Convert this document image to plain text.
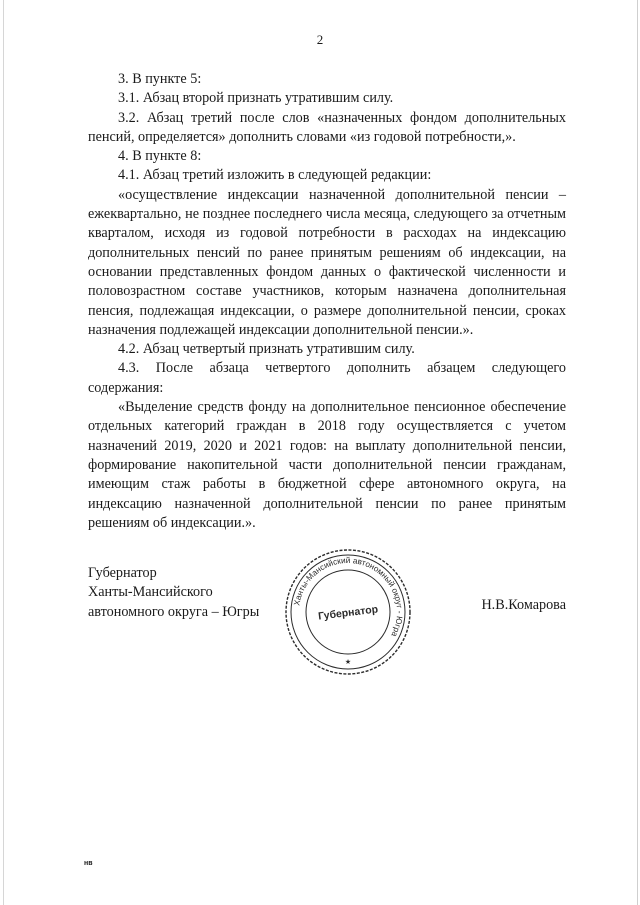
2

3. В пункте 5:

3.1. Абзац второй признать утратившим силу.

3.2. Абзац третий после слов «назначенных фондом дополнительных пенсий, определяется» дополнить словами «из годовой потребности,».

4. В пункте 8:

4.1. Абзац третий изложить в следующей редакции:

«осуществление индексации назначенной дополнительной пенсии – ежеквартально, не позднее последнего числа месяца, следующего за отчетным кварталом, исходя из годовой потребности в расходах на индексацию дополнительных пенсий по ранее принятым решениям об индексации, на основании представленных фондом данных о фактической численности и половозрастном составе участников, которым назначена дополнительная пенсия, подлежащая индексации, о размере дополнительной пенсии, сроках назначения подлежащей индексации дополнительной пенсии.».

4.2. Абзац четвертый признать утратившим силу.

4.3. После абзаца четвертого дополнить абзацем следующего содержания:

«Выделение средств фонду на дополнительное пенсионное обеспечение отдельных категорий граждан в 2018 году осуществляется с учетом назначений 2019, 2020 и 2021 годов: на выплату дополнительной пенсии, формирование накопительной части дополнительной пенсии гражданам, имеющим стаж работы в бюджетной сфере автономного округа, на индексацию назначенной дополнительной пенсии по ранее принятым решениям об индексации.».

Губернатор
Ханты-Мансийского
автономного округа – Югры	Н.В.Комарова
Ханты-Мансийский автономный округ - Югра
Губернатор
★
нв
